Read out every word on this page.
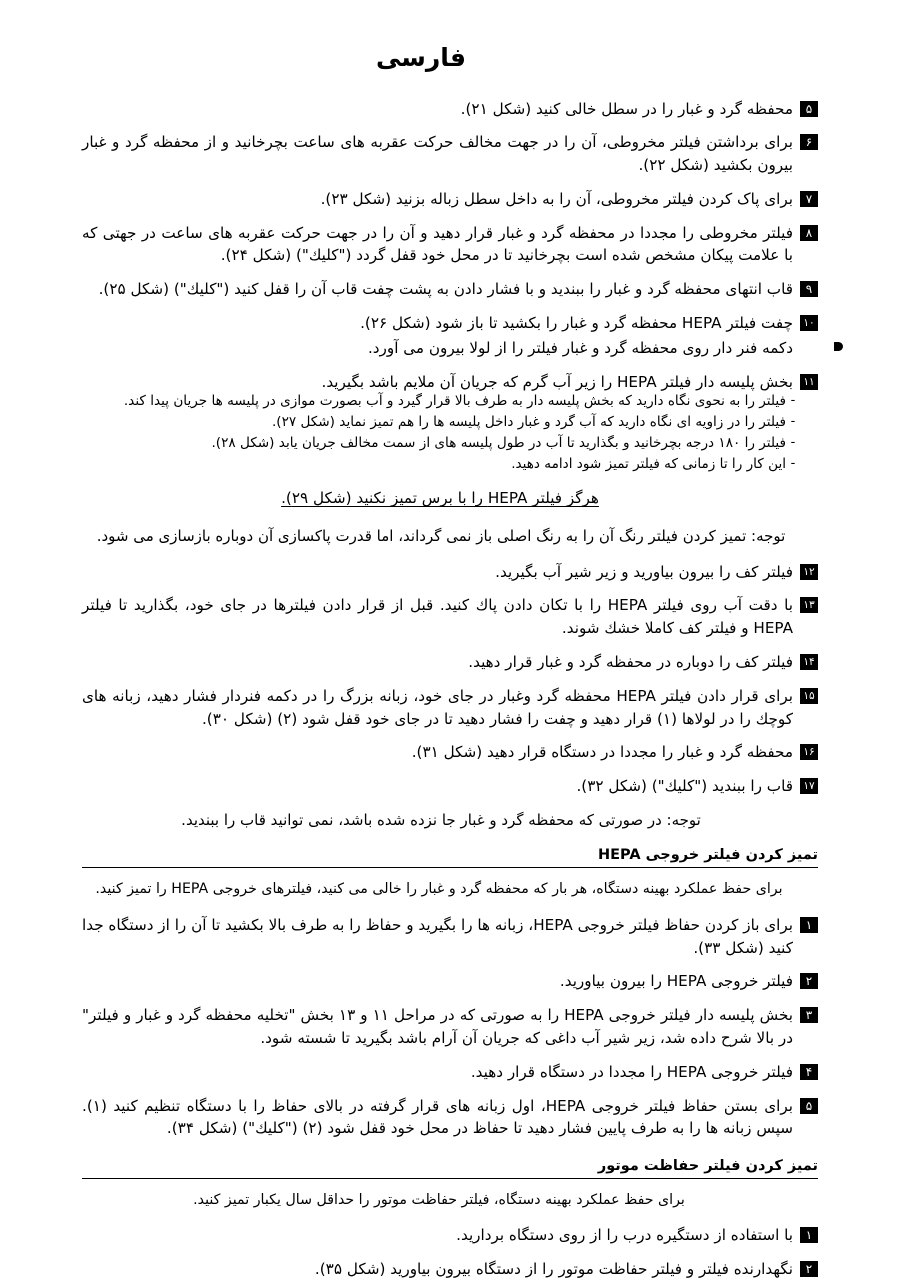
فارسی
۵
محفظه گرد و غبار را در سطل خالی کنید (شکل ۲۱).
۶
برای برداشتن فیلتر مخروطی، آن را در جهت مخالف حرکت عقربه های ساعت بچرخانید و از محفظه گرد و غبار بیرون بکشید (شکل ۲۲).
۷
برای پاک کردن فیلتر مخروطی، آن را به داخل سطل زباله بزنید (شکل ۲۳).
۸
فیلتر مخروطی را مجددا در محفظه گرد و غبار قرار دهید و آن را در جهت حرکت عقربه های ساعت در جهتی که با علامت پیکان مشخص شده است بچرخانید تا در محل خود قفل گردد ("کلیك") (شکل ۲۴).
۹
قاب انتهای محفظه گرد و غبار را ببندید و با فشار دادن به پشت چفت قاب آن را قفل کنید ("کلیك") (شکل ۲۵).
۱۰
چفت فیلتر HEPA محفظه گرد و غبار را بکشید تا باز شود (شکل ۲۶).
دکمه فنر دار روی محفظه گرد و غبار فیلتر را از لولا بیرون می آورد.
۱۱
بخش پلیسه دار فیلتر HEPA را زیر آب گرم که جریان آن ملایم باشد بگیرید.
-
فیلتر را به نحوی نگاه دارید که بخش پلیسه دار به طرف بالا قرار گیرد و آب بصورت موازی در پلیسه ها جریان پیدا کند.
-
فیلتر را در زاویه ای نگاه دارید که آب گرد و غبار داخل پلیسه ها را هم تمیز نماید (شکل ۲۷).
-
فیلتر را ۱۸۰ درجه بچرخانید و بگذارید تا آب در طول پلیسه های از سمت مخالف جریان یابد (شکل ۲۸).
-
این کار را تا زمانی که فیلتر تمیز شود ادامه دهید.
هرگز فیلتر HEPA را با برس تمیز نکنید (شکل ۲۹).
توجه: تمیز کردن فیلتر رنگ آن را به رنگ اصلی باز نمی گرداند، اما قدرت پاکسازی آن دوباره بازسازی می شود.
۱۲
فیلتر کف را بیرون بیاورید و زیر شیر آب بگیرید.
۱۳
با دقت آب روی فیلتر HEPA را با تکان دادن پاك کنید. قبل از قرار دادن فیلترها در جای خود، بگذارید تا فیلتر HEPA و فیلتر کف کاملا خشك شوند.
۱۴
فیلتر کف را دوباره در محفظه گرد و غبار قرار دهید.
۱۵
برای قرار دادن فیلتر HEPA محفظه گرد وغبار در جای خود، زبانه بزرگ را در دکمه فنردار فشار دهید، زبانه های کوچك را در لولاها (۱) قرار دهید و چفت را فشار دهید تا در جای خود قفل شود (۲) (شکل ۳۰).
۱۶
محفظه گرد و غبار را مجددا در دستگاه قرار دهید (شکل ۳۱).
۱۷
قاب را ببندید ("کلیك") (شکل ۳۲).
توجه: در صورتی که محفظه گرد و غبار جا نزده شده باشد، نمی توانید قاب را ببندید.
تمیز کردن فیلتر خروجی HEPA
برای حفظ عملکرد بهینه دستگاه، هر بار که محفظه گرد و غبار را خالی می کنید، فیلترهای خروجی HEPA را تمیز کنید.
۱
برای باز کردن حفاظ فیلتر خروجی HEPA، زبانه ها را بگیرید و حفاظ را به طرف بالا بکشید تا آن را از دستگاه جدا کنید (شکل ۳۳).
۲
فیلتر خروجی HEPA را بیرون بیاورید.
۳
بخش پلیسه دار فیلتر خروجی HEPA را به صورتی که در مراحل ۱۱ و ۱۳ بخش "تخلیه محفظه گرد و غبار و فیلتر" در بالا شرح داده شد، زیر شیر آب داغی که جریان آن آرام باشد بگیرید تا شسته شود.
۴
فیلتر خروجی HEPA را مجددا در دستگاه قرار دهید.
۵
برای بستن حفاظ فیلتر خروجی HEPA، اول زبانه های قرار گرفته در بالای حفاظ را با دستگاه تنظیم کنید (۱). سپس زبانه ها را به طرف پایین فشار دهید تا حفاظ در محل خود قفل شود (۲) ("کلیك") (شکل ۳۴).
تمیز کردن فیلتر حفاظت موتور
برای حفظ عملکرد بهینه دستگاه، فیلتر حفاظت موتور را حداقل سال یکبار تمیز کنید.
۱
با استفاده از دستگیره درب را از روی دستگاه بردارید.
۲
نگهدارنده فیلتر و فیلتر حفاظت موتور را از دستگاه بیرون بیاورید (شکل ۳۵).
